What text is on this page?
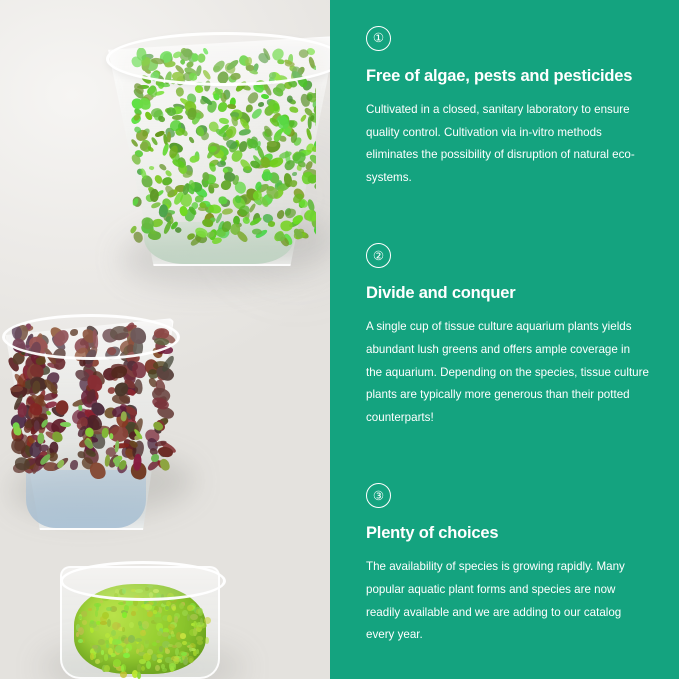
①
Free of algae, pests and pesticides

Cultivated in a closed, sanitary laboratory to ensure quality control. Cultivation via in-vitro methods eliminates the possibility of disruption of natural eco-systems.

②
Divide and conquer

A single cup of tissue culture aquarium plants yields abundant lush greens and offers ample coverage in the aquarium. Depending on the species, tissue culture plants are typically more generous than their potted counterparts!

③
Plenty of choices

The availability of species is growing rapidly. Many popular aquatic plant forms and species are now readily available and we are adding to our catalog every year.
